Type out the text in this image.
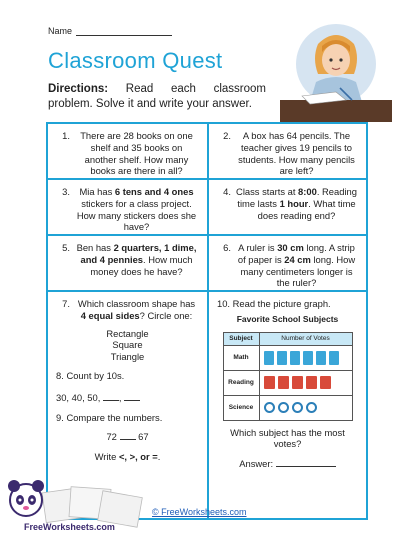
Name
Classroom Quest
Directions: Read each classroom problem. Solve it and write your answer.
1.	There are 28 books on one shelf and 35 books on another shelf. How many books are there in all?
2.	A box has 64 pencils. The teacher gives 19 pencils to students. How many pencils are left?
3.	Mia has 6 tens and 4 ones stickers for a class project. How many stickers does she have?
4. Class starts at 8:00. Reading time lasts 1 hour. What time does reading end?
5. Ben has 2 quarters, 1 dime, and 4 pennies. How much money does he have?
6. A ruler is 30 cm long. A strip of paper is 24 cm long. How many centimeters longer is the ruler?
7. Which classroom shape has 4 equal sides? Circle one:
Rectangle
Square
Triangle
8. Count by 10s.
30, 40, 50, ,
9. Compare the numbers.
72 67
Write <, >, or =.
10. Read the picture graph.
Favorite School Subjects
Subject	Number of Votes
Math
Reading
Science
Which subject has the most votes?
Answer:
FreeWorksheets.com
© FreeWorksheets.com
